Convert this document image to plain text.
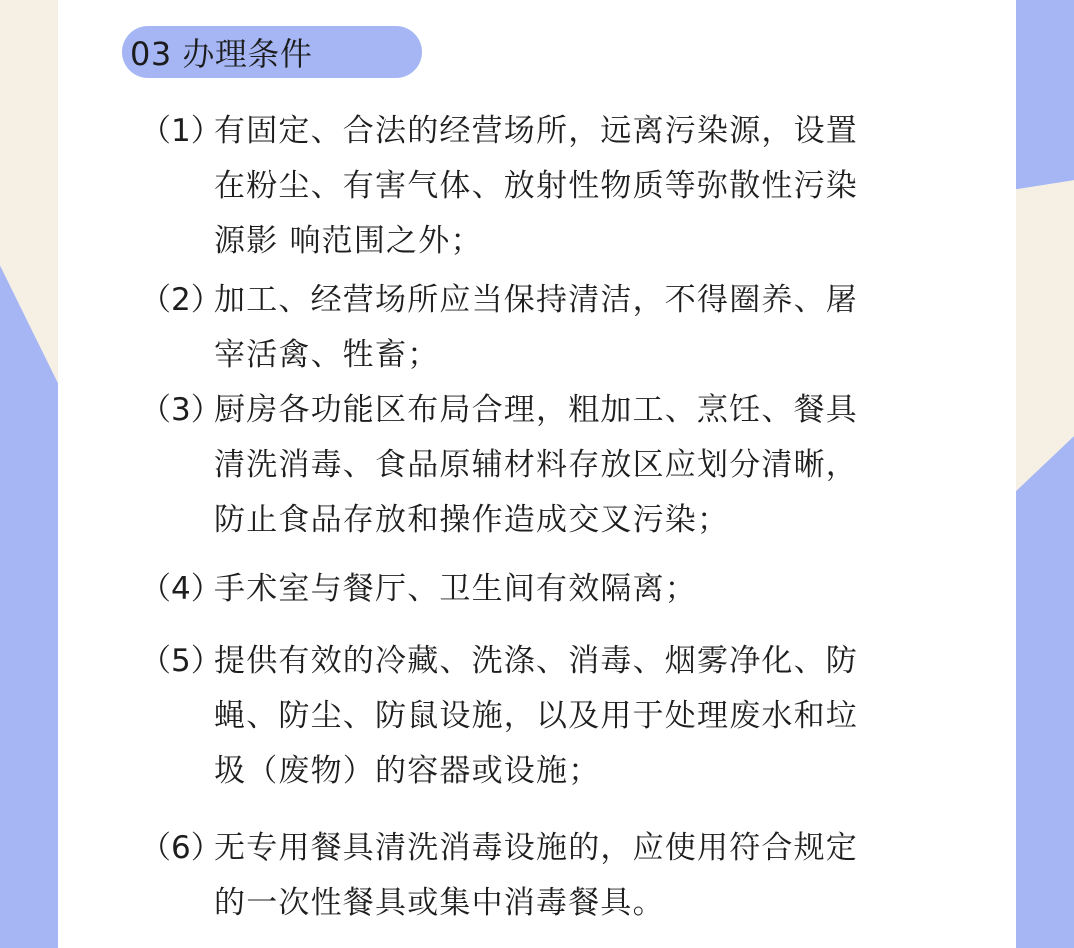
03 办理条件
（1）
有固定、合法的经营场所，远离污染源，设置
在粉尘、有害气体、放射性物质等弥散性污染
源影 响范围之外；
（2）
加工、经营场所应当保持清洁，不得圈养、屠
宰活禽、牲畜；
（3）
厨房各功能区布局合理，粗加工、烹饪、餐具
清洗消毒、食品原辅材料存放区应划分清晰，
防止食品存放和操作造成交叉污染；
（4）
手术室与餐厅、卫生间有效隔离；
（5）
提供有效的冷藏、洗涤、消毒、烟雾净化、防
蝇、防尘、防鼠设施，以及用于处理废水和垃
圾（废物）的容器或设施；
（6）
无专用餐具清洗消毒设施的，应使用符合规定
的一次性餐具或集中消毒餐具。
